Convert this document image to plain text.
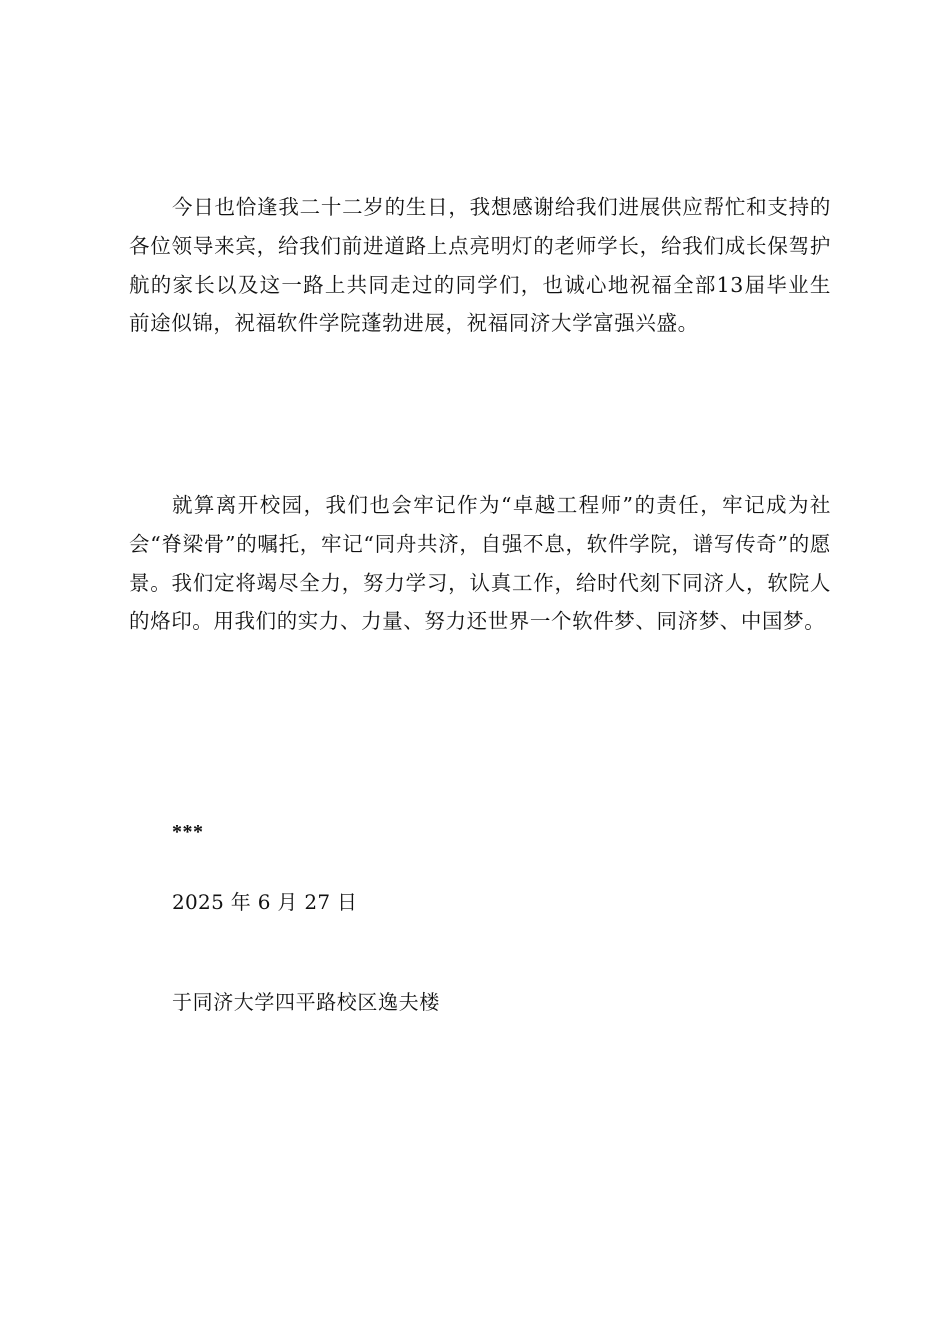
今日也恰逢我二十二岁的生日，我想感谢给我们进展供应帮忙和支持的各位领导来宾，给我们前进道路上点亮明灯的老师学长，给我们成长保驾护航的家长以及这一路上共同走过的同学们，也诚心地祝福全部13届毕业生前途似锦，祝福软件学院蓬勃进展，祝福同济大学富强兴盛。

就算离开校园，我们也会牢记作为“卓越工程师”的责任，牢记成为社会“脊梁骨”的嘱托，牢记“同舟共济，自强不息，软件学院，谱写传奇”的愿景。我们定将竭尽全力，努力学习，认真工作，给时代刻下同济人，软院人的烙印。用我们的实力、力量、努力还世界一个软件梦、同济梦、中国梦。

***

2025 年 6 月 27 日

于同济大学四平路校区逸夫楼
